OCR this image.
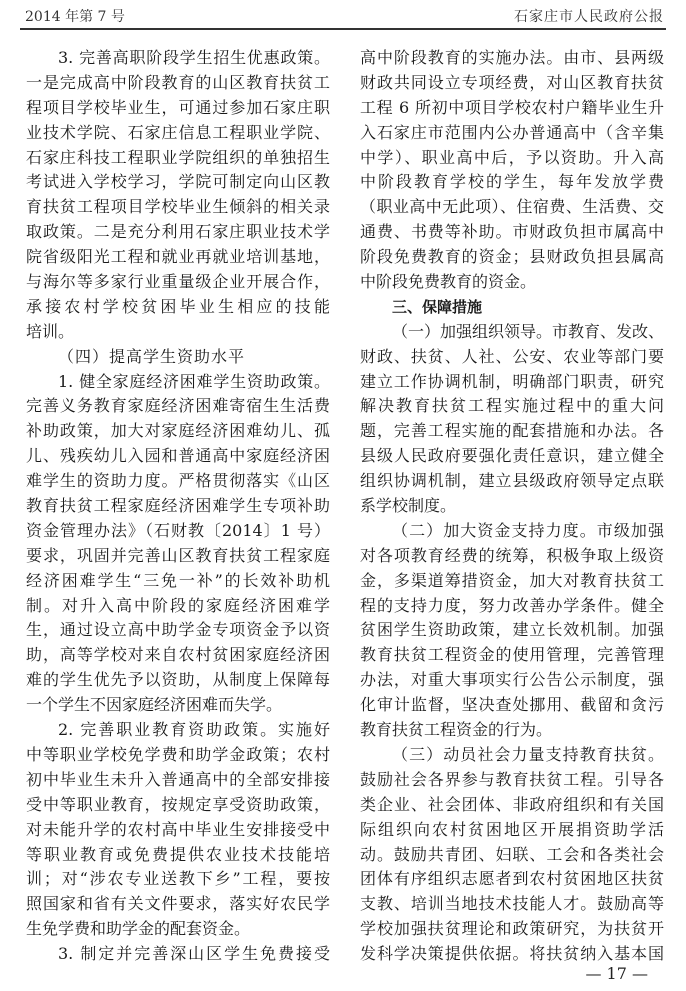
2014 年第 7 号	石家庄市人民政府公报
3. 完善高职阶段学生招生优惠政策。
一是完成高中阶段教育的山区教育扶贫工
程项目学校毕业生，可通过参加石家庄职
业技术学院、石家庄信息工程职业学院、
石家庄科技工程职业学院组织的单独招生
考试进入学校学习，学院可制定向山区教
育扶贫工程项目学校毕业生倾斜的相关录
取政策。二是充分利用石家庄职业技术学
院省级阳光工程和就业再就业培训基地，
与海尔等多家行业重量级企业开展合作，
承接农村学校贫困毕业生相应的技能
培训。
（四）提高学生资助水平
1. 健全家庭经济困难学生资助政策。
完善义务教育家庭经济困难寄宿生生活费
补助政策，加大对家庭经济困难幼儿、孤
儿、残疾幼儿入园和普通高中家庭经济困
难学生的资助力度。严格贯彻落实《山区
教育扶贫工程家庭经济困难学生专项补助
资金管理办法》（石财教〔2014〕1 号）
要求，巩固并完善山区教育扶贫工程家庭
经济困难学生“三免一补”的长效补助机
制。对升入高中阶段的家庭经济困难学
生，通过设立高中助学金专项资金予以资
助，高等学校对来自农村贫困家庭经济困
难的学生优先予以资助，从制度上保障每
一个学生不因家庭经济困难而失学。
2. 完善职业教育资助政策。实施好
中等职业学校免学费和助学金政策；农村
初中毕业生未升入普通高中的全部安排接
受中等职业教育，按规定享受资助政策，
对未能升学的农村高中毕业生安排接受中
等职业教育或免费提供农业技术技能培
训；对“涉农专业送教下乡”工程，要按
照国家和省有关文件要求，落实好农民学
生免学费和助学金的配套资金。
3. 制定并完善深山区学生免费接受
高中阶段教育的实施办法。由市、县两级
财政共同设立专项经费，对山区教育扶贫
工程 6 所初中项目学校农村户籍毕业生升
入石家庄市范围内公办普通高中（含辛集
中学）、职业高中后，予以资助。升入高
中阶段教育学校的学生，每年发放学费
（职业高中无此项）、住宿费、生活费、交
通费、书费等补助。市财政负担市属高中
阶段免费教育的资金；县财政负担县属高
中阶段免费教育的资金。
三、保障措施
（一）加强组织领导。市教育、发改、
财政、扶贫、人社、公安、农业等部门要
建立工作协调机制，明确部门职责，研究
解决教育扶贫工程实施过程中的重大问
题，完善工程实施的配套措施和办法。各
县级人民政府要强化责任意识，建立健全
组织协调机制，建立县级政府领导定点联
系学校制度。
（二）加大资金支持力度。市级加强
对各项教育经费的统筹，积极争取上级资
金，多渠道筹措资金，加大对教育扶贫工
程的支持力度，努力改善办学条件。健全
贫困学生资助政策，建立长效机制。加强
教育扶贫工程资金的使用管理，完善管理
办法，对重大事项实行公告公示制度，强
化审计监督，坚决查处挪用、截留和贪污
教育扶贫工程资金的行为。
（三）动员社会力量支持教育扶贫。
鼓励社会各界参与教育扶贫工程。引导各
类企业、社会团体、非政府组织和有关国
际组织向农村贫困地区开展捐资助学活
动。鼓励共青团、妇联、工会和各类社会
团体有序组织志愿者到农村贫困地区扶贫
支教、培训当地技术技能人才。鼓励高等
学校加强扶贫理论和政策研究，为扶贫开
发科学决策提供依据。将扶贫纳入基本国
— 17 —
